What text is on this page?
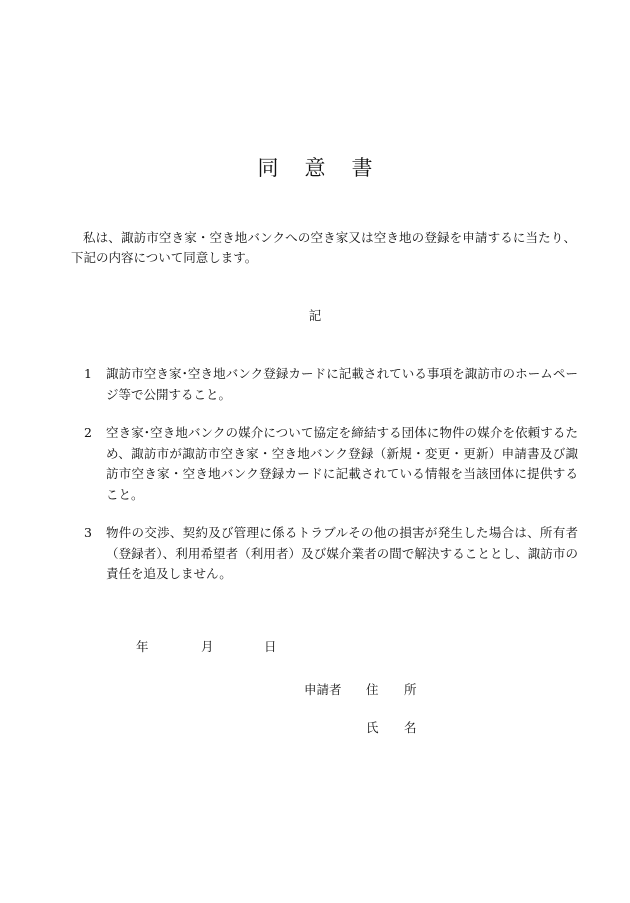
同 意 書

私は、諏訪市空き家・空き地バンクへの空き家又は空き地の登録を申請するに当たり、下記の内容について同意します。

記
1 諏訪市空き家･空き地バンク登録カードに記載されている事項を諏訪市のホームページ等で公開すること。
2 空き家･空き地バンクの媒介について協定を締結する団体に物件の媒介を依頼するため、諏訪市が諏訪市空き家・空き地バンク登録（新規・変更・更新）申請書及び諏訪市空き家・空き地バンク登録カードに記載されている情報を当該団体に提供すること。
3 物件の交渉、契約及び管理に係るトラブルその他の損害が発生した場合は、所有者（登録者）、利用希望者（利用者）及び媒介業者の間で解決することとし、諏訪市の責任を追及しません。
年	月	日
申請者 住 所
氏 名
